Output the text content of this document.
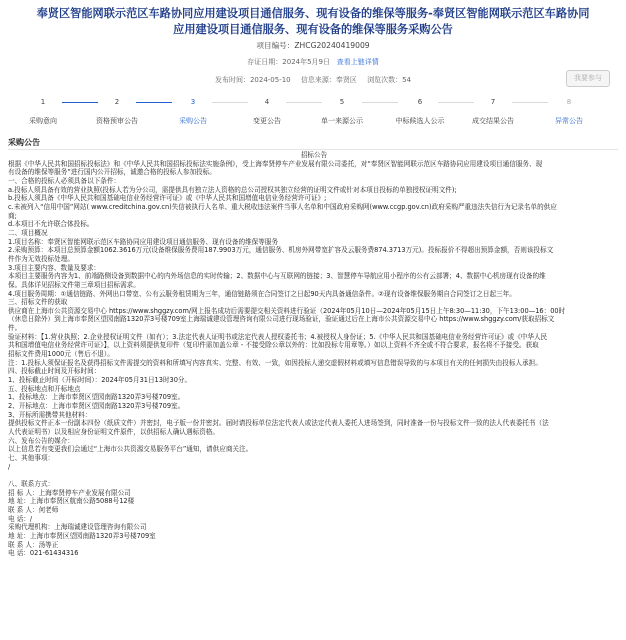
奉贤区智能网联示范区车路协同应用建设项目通信服务、现有设备的维保等服务-奉贤区智能网联示范区车路协同
应用建设项目通信服务、现有设备的维保等服务采购公告
项目编号：ZHCG20240419009
存证日期：2024年5月9日 查看上链详情
发布时间：2024-05-10 信息来源：奉贤区 浏览次数：54	我要参与
1
采购意向
2
资格预审公告
3
采购公告
4
变更公告
5
单一来源公示
6
中标候选人公示
7
成交结果公告
8
异常公告
采购公告
招标公告
根据《中华人民共和国招标投标法》和《中华人民共和国招标投标法实施条例》，受上海奉贤停车产业发展有限公司委托，对“奉贤区智能网联示范区车路协同应用建设项目通信服务、现
有设备的维保等服务”进行国内公开招标，诚邀合格的投标人参加投标。
一、合格的投标人必须具备以下条件：
a.投标人须具备有效的营业执照(投标人若为分公司，需提供具有独立法人资格的总公司授权其独立经营的证明文件或针对本项目投标的单独授权证明文件);
b.投标人须具备《中华人民共和国基础电信业务经营许可证》或《中华人民共和国增值电信业务经营许可证》;
c.未被列入“信用中国”网站( www.creditchina.gov.cn)失信被执行人名单、重大税收违法案件当事人名单和中国政府采购网(www.ccgp.gov.cn)政府采购严重违法失信行为记录名单的供应
商;
d.本项目不允许联合体投标。
二、项目概况
1.项目名称：奉贤区智能网联示范区车路协同应用建设项目通信服务、现有设备的维保等服务
2.采购预算：本项目总预算金额1062.3616万元(设备维保服务费用187.9903万元，通信服务、机房外网带宽扩容及云服务费874.3713万元)。投标报价不得超出预算金额，否则该投标文
件作为无效投标处理。
3.项目主要内容、数量及要求：
本项目主要服务内容为1、前端路侧设备到数据中心的内外场信息的实时传输；2、数据中心与互联网的链接；3、智慧停车导航应用小程序的公有云部署；4、数据中心机房现有设备的维
保。具体详见招标文件第三章项目招标需求。
4.项目服务周期：①通信链路、外网出口带宽、公有云服务租赁期为三年，通信链路须在合同签订之日起90天内具备通信条件。②现有设备维保服务期自合同签订之日起三年。
三、招标文件的获取
供应商在上海市公共资源交易中心 https://www.shggzy.com/网上报名成功后需要提交相关资料进行验证（2024年05月10日—2024年05月15日上午8:30—11:30，下午13:00—16：00时
（休息日除外）到上海市奉贤区望园南路1320弄3号楼709室上海瑞诚建设管理咨询有限公司进行现场验证，验证通过后在上海市公共资源交易中心 https://www.shggzy.com/获取招标文
件。
验证材料：【1.营业执照；2.企业授权证明文件（如有）；3.法定代表人证明书或法定代表人授权委托书；4.被授权人身份证；5.《中华人民共和国基础电信业务经营许可证》或《中华人民
共和国增值电信业务经营许可证》】，以上资料须提供复印件（复印件需加盖公章 - 不接受除公章以外的：比如投标专用章等。）如以上资料不齐全或不符合要求，报名将不予接受。获取
招标文件费用1000元（售后不退）。
注：1.投标人须保证报名及获得招标文件需提交的资料和所填写内容真实、完整、有效、一致，如因投标人递交虚假材料或填写信息错误导致的与本项目有关的任何损失由投标人承担。
四、投标截止时间及开标时间：
1、投标截止时间（开标时间）：2024年05月31日13时30分。
五、投标地点和开标地点
1、投标地点：上海市奉贤区望园南路1320弄3号楼709室。
2、开标地点：上海市奉贤区望园南路1320弄3号楼709室。
3、开标所需携带其他材料：
提供投标文件正本一份副本四份（纸质文件）并密封，电子版一份并密封。届时请投标单位法定代表人或法定代表人委托人进场签到，同时准备一份与投标文件一致的法人代表委托书（法
人代表证明书）以及相应身份证明文件原件，以供招标人确认遇标资格。
六、发布公告的媒介：
以上信息若有变更我们会通过“上海市公共资源交易服务平台”通知，请供应商关注。
七、其他事项：
/
八、联系方式：
招 标 人：上海奉贤停车产业发展有限公司
地 址：上海市奉贤区航南公路5088号12楼
联 系 人：何老师
电 话：/
采购代理机构：上海瑞诚建设管理咨询有限公司
地 址：上海市奉贤区望园南路1320弄3号楼709室
联 系 人：汤等正
电 话：021-61434316
